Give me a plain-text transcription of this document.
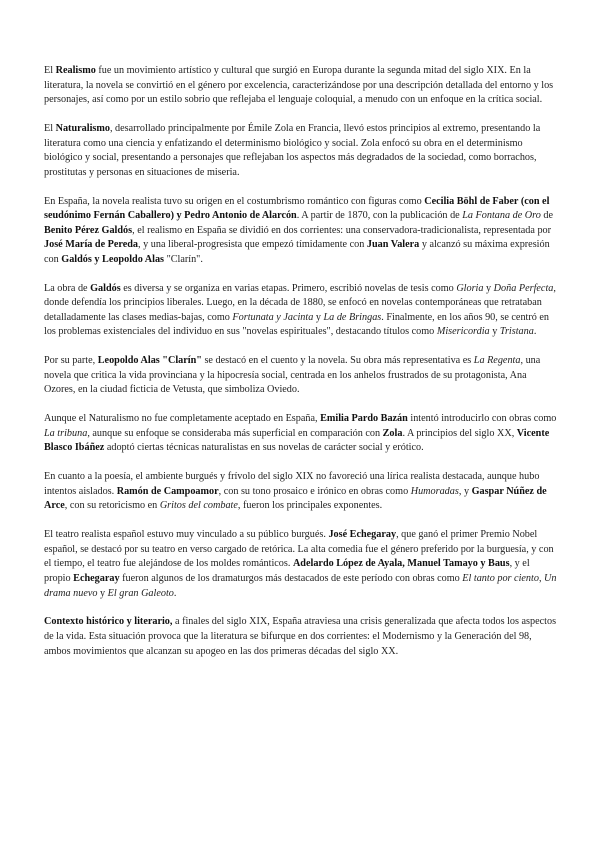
El Realismo fue un movimiento artístico y cultural que surgió en Europa durante la segunda mitad del siglo XIX. En la literatura, la novela se convirtió en el género por excelencia, caracterizándose por una descripción detallada del entorno y los personajes, así como por un estilo sobrio que reflejaba el lenguaje coloquial, a menudo con un enfoque en la crítica social.

El Naturalismo, desarrollado principalmente por Émile Zola en Francia, llevó estos principios al extremo, presentando la literatura como una ciencia y enfatizando el determinismo biológico y social. Zola enfocó su obra en el determinismo biológico y social, presentando a personajes que reflejaban los aspectos más degradados de la sociedad, como borrachos, prostitutas y personas en situaciones de miseria.

En España, la novela realista tuvo su origen en el costumbrismo romántico con figuras como Cecilia Böhl de Faber (con el seudónimo Fernán Caballero) y Pedro Antonio de Alarcón. A partir de 1870, con la publicación de La Fontana de Oro de Benito Pérez Galdós, el realismo en España se dividió en dos corrientes: una conservadora-tradicionalista, representada por José María de Pereda, y una liberal-progresista que empezó tímidamente con Juan Valera y alcanzó su máxima expresión con Galdós y Leopoldo Alas "Clarín".

La obra de Galdós es diversa y se organiza en varias etapas. Primero, escribió novelas de tesis como Gloria y Doña Perfecta, donde defendía los principios liberales. Luego, en la década de 1880, se enfocó en novelas contemporáneas que retrataban detalladamente las clases medias-bajas, como Fortunata y Jacinta y La de Bringas. Finalmente, en los años 90, se centró en los problemas existenciales del individuo en sus "novelas espirituales", destacando títulos como Misericordia y Tristana.

Por su parte, Leopoldo Alas "Clarín" se destacó en el cuento y la novela. Su obra más representativa es La Regenta, una novela que critica la vida provinciana y la hipocresía social, centrada en los anhelos frustrados de su protagonista, Ana Ozores, en la ciudad ficticia de Vetusta, que simboliza Oviedo.

Aunque el Naturalismo no fue completamente aceptado en España, Emilia Pardo Bazán intentó introducirlo con obras como La tribuna, aunque su enfoque se consideraba más superficial en comparación con Zola. A principios del siglo XX, Vicente Blasco Ibáñez adoptó ciertas técnicas naturalistas en sus novelas de carácter social y erótico.

En cuanto a la poesía, el ambiente burgués y frívolo del siglo XIX no favoreció una lírica realista destacada, aunque hubo intentos aislados. Ramón de Campoamor, con su tono prosaico e irónico en obras como Humoradas, y Gaspar Núñez de Arce, con su retoricismo en Gritos del combate, fueron los principales exponentes.

El teatro realista español estuvo muy vinculado a su público burgués. José Echegaray, que ganó el primer Premio Nobel español, se destacó por su teatro en verso cargado de retórica. La alta comedia fue el género preferido por la burguesía, y con el tiempo, el teatro fue alejándose de los moldes románticos. Adelardo López de Ayala, Manuel Tamayo y Baus, y el propio Echegaray fueron algunos de los dramaturgos más destacados de este período con obras como El tanto por ciento, Un drama nuevo y El gran Galeoto.

Contexto histórico y literario, a finales del siglo XIX, España atraviesa una crisis generalizada que afecta todos los aspectos de la vida. Esta situación provoca que la literatura se bifurque en dos corrientes: el Modernismo y la Generación del 98, ambos movimientos que alcanzan su apogeo en las dos primeras décadas del siglo XX.
